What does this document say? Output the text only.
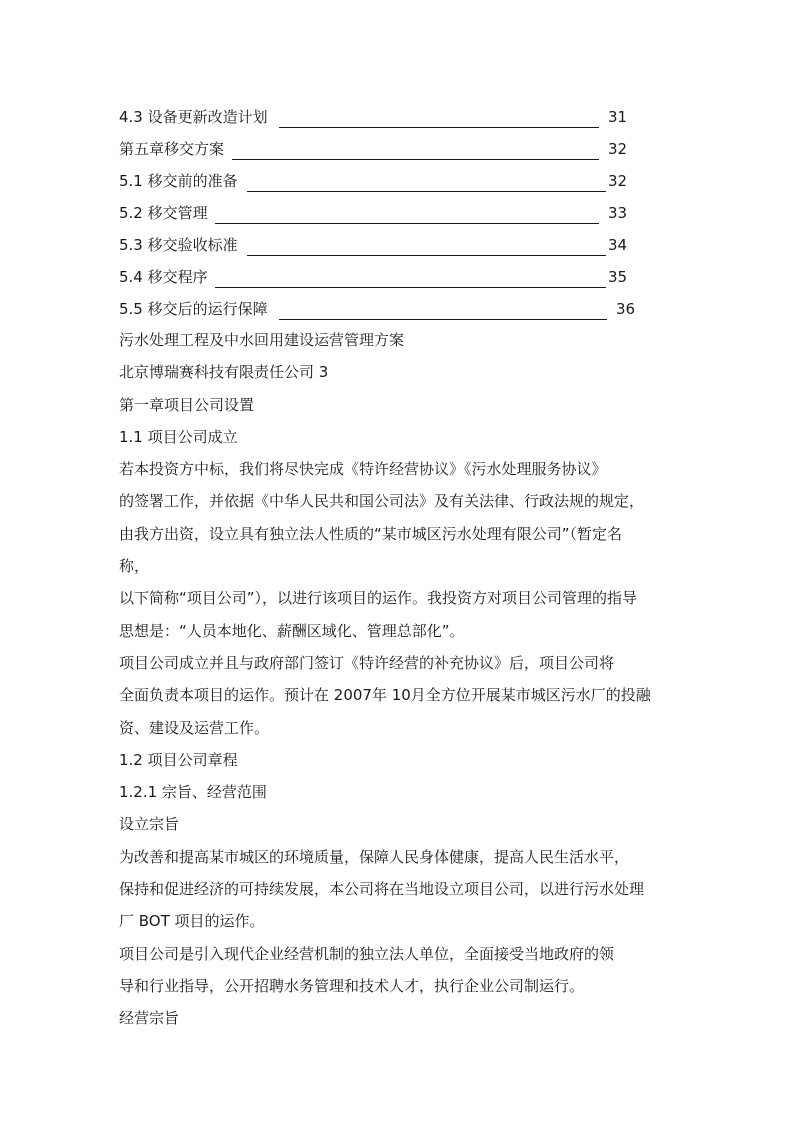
4.3 设备更新改造计划	31
第五章移交方案	32
5.1 移交前的准备	32
5.2 移交管理	33
5.3 移交验收标准	34
5.4 移交程序	35
5.5 移交后的运行保障	36
污水处理工程及中水回用建设运营管理方案
北京博瑞赛科技有限责任公司 3
第一章项目公司设置
1.1 项目公司成立
若本投资方中标，我们将尽快完成《特许经营协议》《污水处理服务协议》
的签署工作，并依据《中华人民共和国公司法》及有关法律、行政法规的规定，
由我方出资，设立具有独立法人性质的“某市城区污水处理有限公司”（暂定名
称，
以下简称“项目公司”），以进行该项目的运作。我投资方对项目公司管理的指导
思想是：“人员本地化、薪酬区域化、管理总部化”。
项目公司成立并且与政府部门签订《特许经营的补充协议》后，项目公司将
全面负责本项目的运作。预计在 2007年 10月全方位开展某市城区污水厂的投融
资、建设及运营工作。
1.2 项目公司章程
1.2.1 宗旨、经营范围
设立宗旨
为改善和提高某市城区的环境质量，保障人民身体健康，提高人民生活水平，
保持和促进经济的可持续发展，本公司将在当地设立项目公司，以进行污水处理
厂 BOT 项目的运作。
项目公司是引入现代企业经营机制的独立法人单位，全面接受当地政府的领
导和行业指导，公开招聘水务管理和技术人才，执行企业公司制运行。
经营宗旨
